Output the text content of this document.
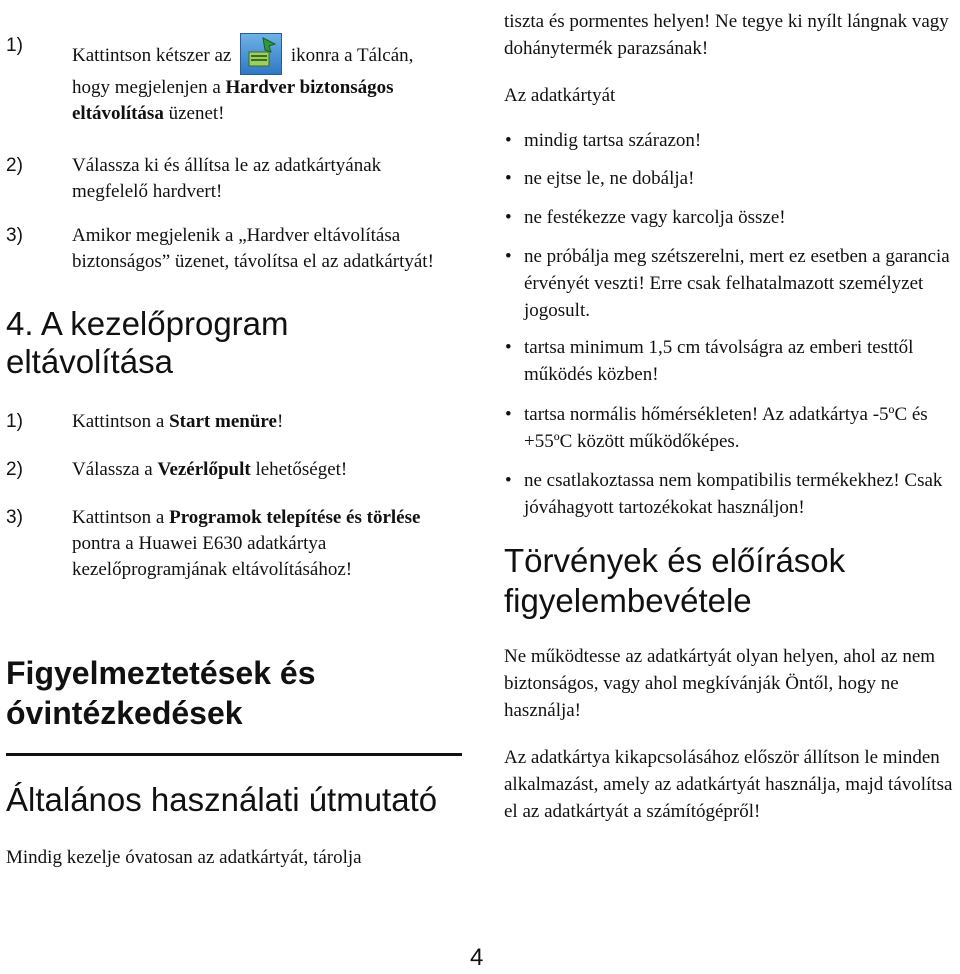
1)	Kattintson kétszer az	ikonra a Tálcán, hogy megjelenjen a Hardver biztonságos eltávolítása üzenet!
2)	Válassza ki és állítsa le az adatkártyának megfelelő hardvert!
3)	Amikor megjelenik a „Hardver eltávolítása biztonságos” üzenet, távolítsa el az adatkártyát!
4. A kezelőprogram
eltávolítása
1)	Kattintson a Start menüre!
2)	Válassza a Vezérlőpult lehetőséget!
3)	Kattintson a Programok telepítése és törlése pontra a Huawei E630 adatkártya kezelőprogramjának eltávolításához!
Figyelmeztetések és
óvintézkedések
Általános használati útmutató

Mindig kezelje óvatosan az adatkártyát, tárolja

tiszta és pormentes helyen! Ne tegye ki nyílt lángnak vagy dohánytermék parazsának!

Az adatkártyát

• mindig tartsa szárazon!
• ne ejtse le, ne dobálja!
• ne festékezze vagy karcolja össze!
• ne próbálja meg szétszerelni, mert ez esetben a garancia érvényét veszti! Erre csak felhatalmazott személyzet jogosult.
• tartsa minimum 1,5 cm távolságra az emberi testtől működés közben!
• tartsa normális hőmérsékleten! Az adatkártya -5ºC és +55ºC között működőképes.
• ne csatlakoztassa nem kompatibilis termékekhez! Csak jóváhagyott tartozékokat használjon!
Törvények és előírások
figyelembevétele

Ne működtesse az adatkártyát olyan helyen, ahol az nem biztonságos, vagy ahol megkívánják Öntől, hogy ne használja!

Az adatkártya kikapcsolásához először állítson le minden alkalmazást, amely az adatkártyát használja, majd távolítsa el az adatkártyát a számítógépről!

4
